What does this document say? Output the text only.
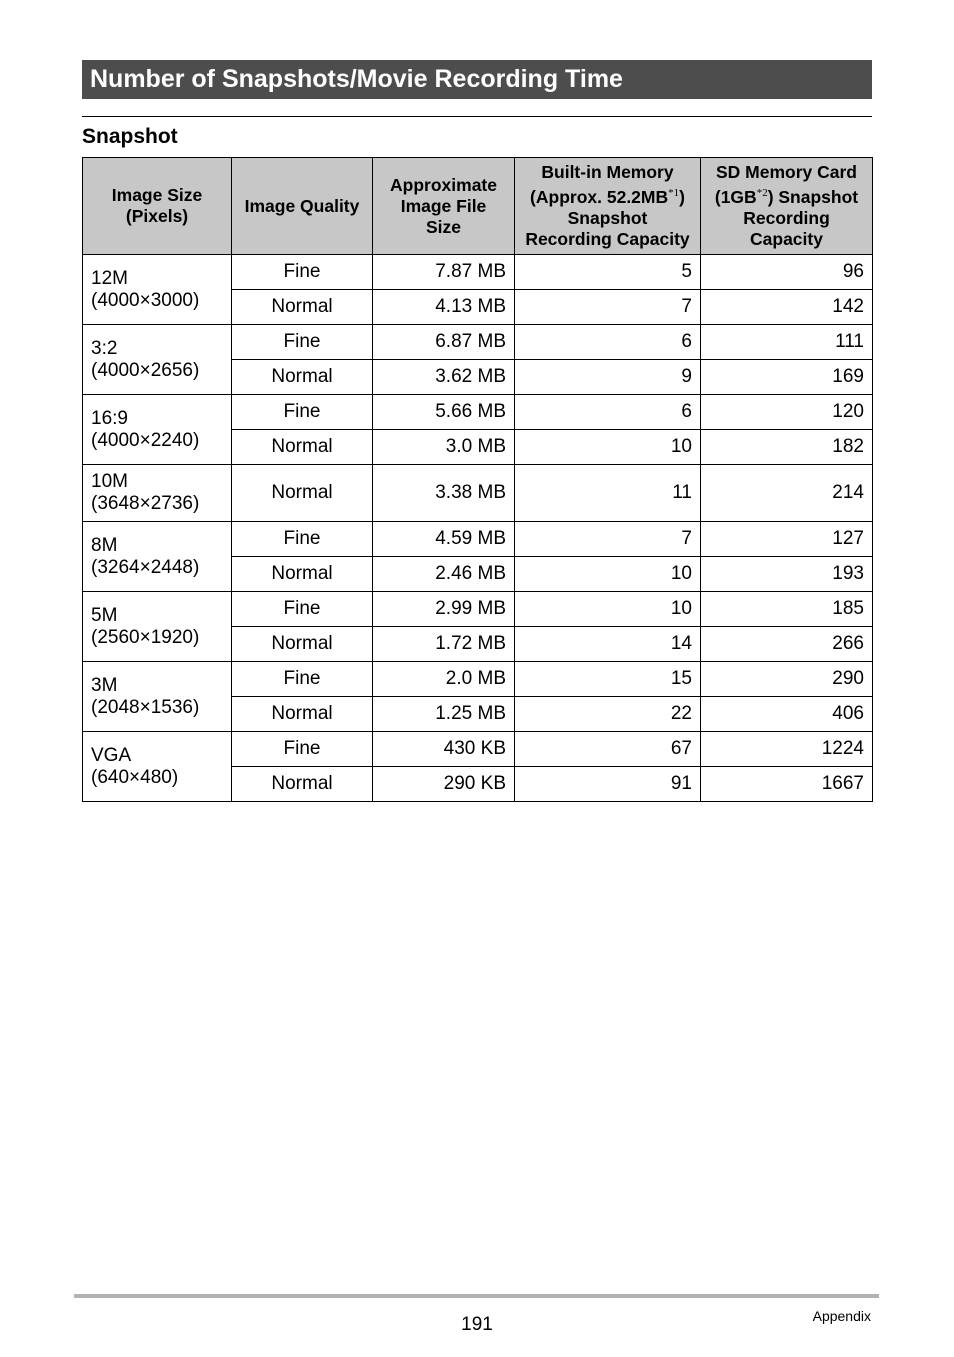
Number of Snapshots/Movie Recording Time
Snapshot
Image Size
(Pixels)	Image Quality	Approximate
Image File
Size	Built-in Memory
(Approx. 52.2MB$^{*1}$)
Snapshot
Recording Capacity	SD Memory Card
(1GB$^{*2}$) Snapshot
Recording
Capacity
12M
(4000×3000)	Fine	7.87 MB	5	96
	Normal	4.13 MB	7	142
3:2
(4000×2656)	Fine	6.87 MB	6	111
	Normal	3.62 MB	9	169
16:9
(4000×2240)	Fine	5.66 MB	6	120
	Normal	3.0 MB	10	182
10M
(3648×2736)	Normal	3.38 MB	11	214
8M
(3264×2448)	Fine	4.59 MB	7	127
	Normal	2.46 MB	10	193
5M
(2560×1920)	Fine	2.99 MB	10	185
	Normal	1.72 MB	14	266
3M
(2048×1536)	Fine	2.0 MB	15	290
	Normal	1.25 MB	22	406
VGA
(640×480)	Fine	430 KB	67	1224
	Normal	290 KB	91	1667
191	Appendix
